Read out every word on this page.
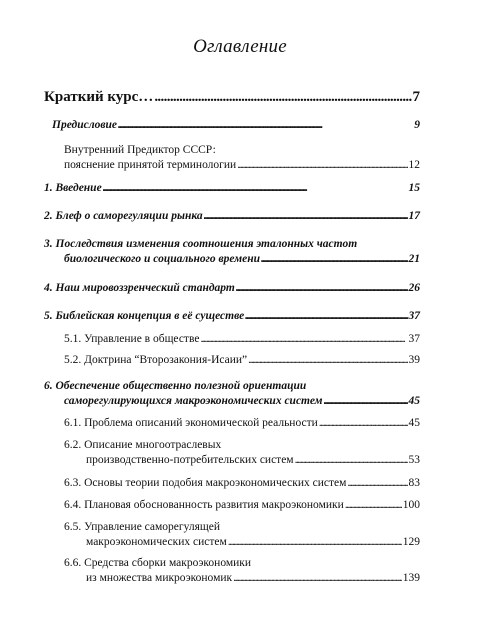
Оглавление
Краткий курс… . . .	7
Предисловие . . .	9
Внутренний Предиктор СССР:
пояснение принятой терминологии . . .	12
1. Введение . . .	15
2. Блеф о саморегуляции рынка . . .	17
3. Последствия изменения соотношения эталонных частот
биологического и социального времени . . .	21
4. Наш мировоззренческий стандарт . . .	26
5. Библейская концепция в её существе . . .	37
5.1. Управление в обществе . . .	37
5.2. Доктрина “Второзакония-Исаии” . . .	39
6. Обеспечение общественно полезной ориентации
саморегулирующихся макроэкономических систем . . .	45
6.1. Проблема описаний экономической реальности . . .	45
6.2. Описание многоотраслевых
производственно-потребительских систем . . .	53
6.3. Основы теории подобия макроэкономических систем . . .	83
6.4. Плановая обоснованность развития макроэкономики . . .	100
6.5. Управление саморегулящей
макроэкономических систем . . .	129
6.6. Средства сборки макроэкономики
из множества микроэкономик . . .	139
